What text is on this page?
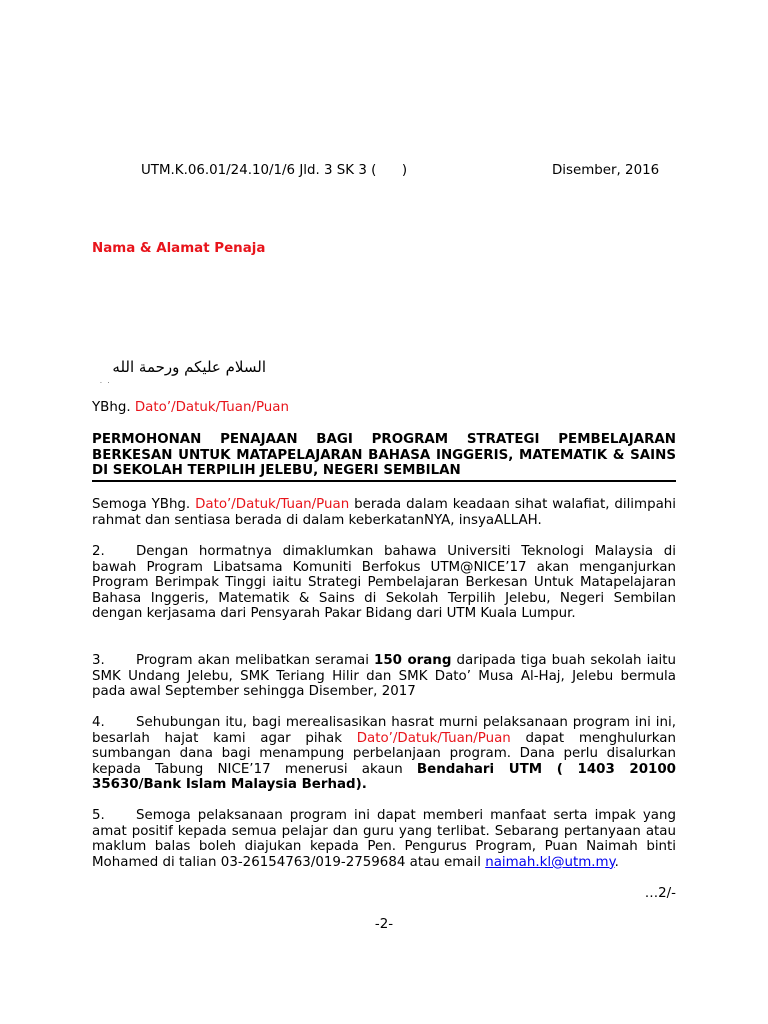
UTM.K.06.01/24.10/1/6 Jld. 3 SK 3 (      )	Disember, 2016
Nama & Alamat Penaja
السلام عليكم ورحمة الله
·   ·
YBhg. Dato’/Datuk/Tuan/Puan
PERMOHONAN PENAJAAN BAGI PROGRAM STRATEGI PEMBELAJARAN BERKESAN UNTUK MATAPELAJARAN BAHASA INGGERIS, MATEMATIK & SAINS DI SEKOLAH TERPILIH JELEBU, NEGERI SEMBILAN
Semoga YBhg. Dato’/Datuk/Tuan/Puan berada dalam keadaan sihat walafiat, dilimpahi rahmat dan sentiasa berada di dalam keberkatanNYA, insyaALLAH.
2. Dengan hormatnya dimaklumkan bahawa Universiti Teknologi Malaysia di bawah Program Libatsama Komuniti Berfokus UTM@NICE’17 akan menganjurkan Program Berimpak Tinggi iaitu Strategi Pembelajaran Berkesan Untuk Matapelajaran Bahasa Inggeris, Matematik & Sains di Sekolah Terpilih Jelebu, Negeri Sembilan dengan kerjasama dari Pensyarah Pakar Bidang dari UTM Kuala Lumpur.
3. Program akan melibatkan seramai 150 orang daripada tiga buah sekolah iaitu SMK Undang Jelebu, SMK Teriang Hilir dan SMK Dato’ Musa Al-Haj, Jelebu bermula pada awal September sehingga Disember, 2017
4. Sehubungan itu, bagi merealisasikan hasrat murni pelaksanaan program ini ini, besarlah hajat kami agar pihak Dato’/Datuk/Tuan/Puan dapat menghulurkan sumbangan dana bagi menampung perbelanjaan program. Dana perlu disalurkan kepada Tabung NICE’17 menerusi akaun Bendahari UTM ( 1403 20100 35630/Bank Islam Malaysia Berhad).
5. Semoga pelaksanaan program ini dapat memberi manfaat serta impak yang amat positif kepada semua pelajar dan guru yang terlibat. Sebarang pertanyaan atau maklum balas boleh diajukan kepada Pen. Pengurus Program, Puan Naimah binti Mohamed di talian 03-26154763/019-2759684 atau email naimah.kl@utm.my.
…2/-
-2-
